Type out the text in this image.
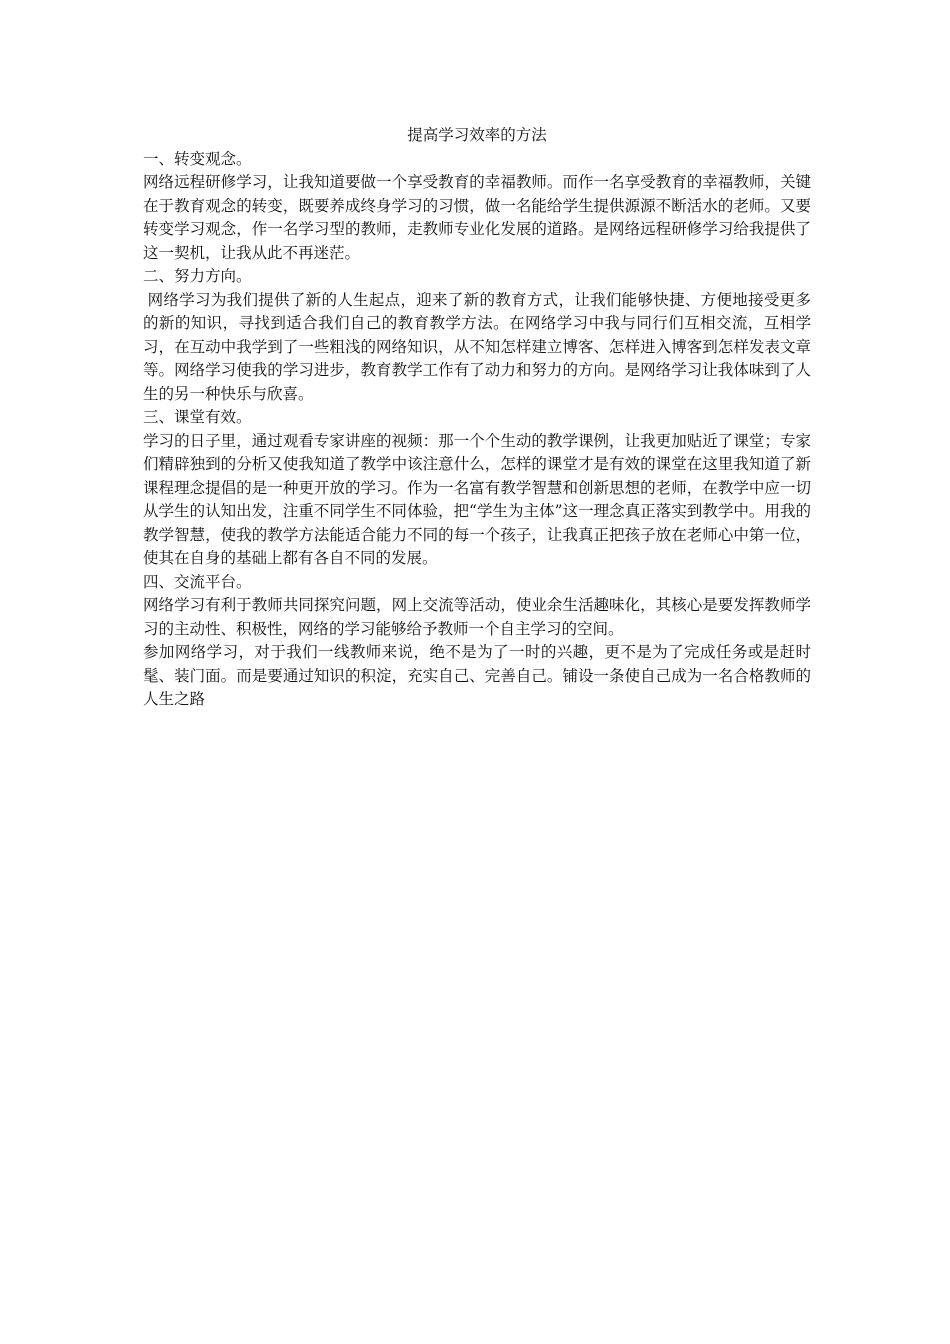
提高学习效率的方法

一、转变观念。

网络远程研修学习，让我知道要做一个享受教育的幸福教师。而作一名享受教育的幸福教师，关键在于教育观念的转变，既要养成终身学习的习惯，做一名能给学生提供源源不断活水的老师。又要转变学习观念，作一名学习型的教师，走教师专业化发展的道路。是网络远程研修学习给我提供了这一契机，让我从此不再迷茫。

二、努力方向。

网络学习为我们提供了新的人生起点，迎来了新的教育方式，让我们能够快捷、方便地接受更多的新的知识，寻找到适合我们自己的教育教学方法。在网络学习中我与同行们互相交流，互相学习，在互动中我学到了一些粗浅的网络知识，从不知怎样建立博客、怎样进入博客到怎样发表文章等。网络学习使我的学习进步，教育教学工作有了动力和努力的方向。是网络学习让我体味到了人生的另一种快乐与欣喜。

三、课堂有效。

学习的日子里，通过观看专家讲座的视频：那一个个生动的教学课例，让我更加贴近了课堂；专家们精辟独到的分析又使我知道了教学中该注意什么，怎样的课堂才是有效的课堂在这里我知道了新课程理念提倡的是一种更开放的学习。作为一名富有教学智慧和创新思想的老师，在教学中应一切从学生的认知出发，注重不同学生不同体验，把“学生为主体”这一理念真正落实到教学中。用我的教学智慧，使我的教学方法能适合能力不同的每一个孩子，让我真正把孩子放在老师心中第一位，使其在自身的基础上都有各自不同的发展。

四、交流平台。

网络学习有利于教师共同探究问题，网上交流等活动，使业余生活趣味化，其核心是要发挥教师学习的主动性、积极性，网络的学习能够给予教师一个自主学习的空间。

参加网络学习，对于我们一线教师来说，绝不是为了一时的兴趣，更不是为了完成任务或是赶时髦、装门面。而是要通过知识的积淀，充实自己、完善自己。铺设一条使自己成为一名合格教师的人生之路
